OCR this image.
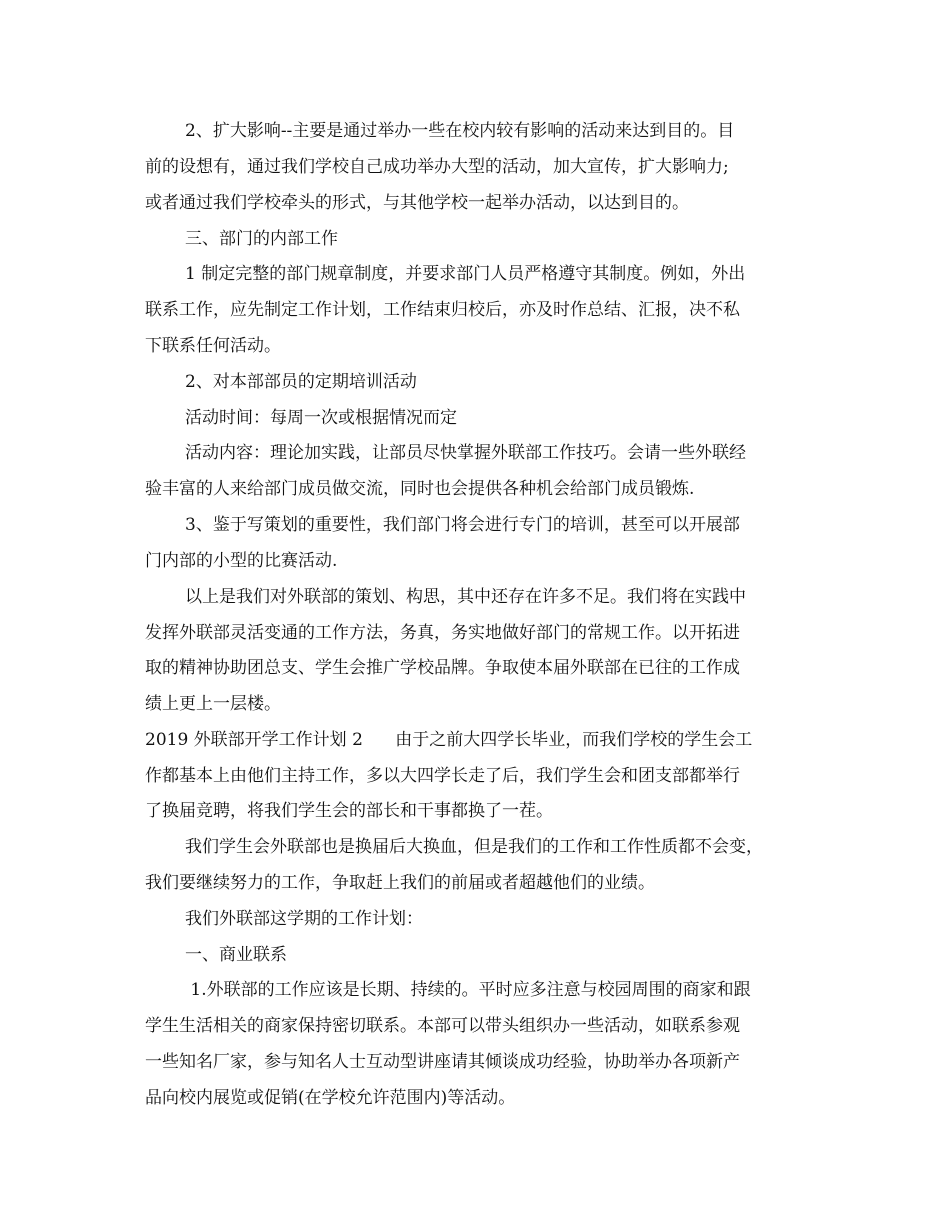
2、扩大影响--主要是通过举办一些在校内较有影响的活动来达到目的。目

前的设想有，通过我们学校自己成功举办大型的活动，加大宣传，扩大影响力;

或者通过我们学校牵头的形式，与其他学校一起举办活动，以达到目的。

三、部门的内部工作

1 制定完整的部门规章制度，并要求部门人员严格遵守其制度。例如，外出

联系工作，应先制定工作计划，工作结束归校后，亦及时作总结、汇报，决不私

下联系任何活动。

2、对本部部员的定期培训活动

活动时间：每周一次或根据情况而定

活动内容：理论加实践，让部员尽快掌握外联部工作技巧。会请一些外联经

验丰富的人来给部门成员做交流，同时也会提供各种机会给部门成员锻炼.

3、鉴于写策划的重要性，我们部门将会进行专门的培训，甚至可以开展部

门内部的小型的比赛活动.

以上是我们对外联部的策划、构思，其中还存在许多不足。我们将在实践中

发挥外联部灵活变通的工作方法，务真，务实地做好部门的常规工作。以开拓进

取的精神协助团总支、学生会推广学校品牌。争取使本届外联部在已往的工作成

绩上更上一层楼。

2019 外联部开学工作计划 2      由于之前大四学长毕业，而我们学校的学生会工

作都基本上由他们主持工作，多以大四学长走了后，我们学生会和团支部都举行

了换届竞聘，将我们学生会的部长和干事都换了一茬。

我们学生会外联部也是换届后大换血，但是我们的工作和工作性质都不会变，

我们要继续努力的工作，争取赶上我们的前届或者超越他们的业绩。

我们外联部这学期的工作计划：

一、商业联系

1.外联部的工作应该是长期、持续的。平时应多注意与校园周围的商家和跟

学生生活相关的商家保持密切联系。本部可以带头组织办一些活动，如联系参观

一些知名厂家，参与知名人士互动型讲座请其倾谈成功经验，协助举办各项新产

品向校内展览或促销(在学校允许范围内)等活动。
